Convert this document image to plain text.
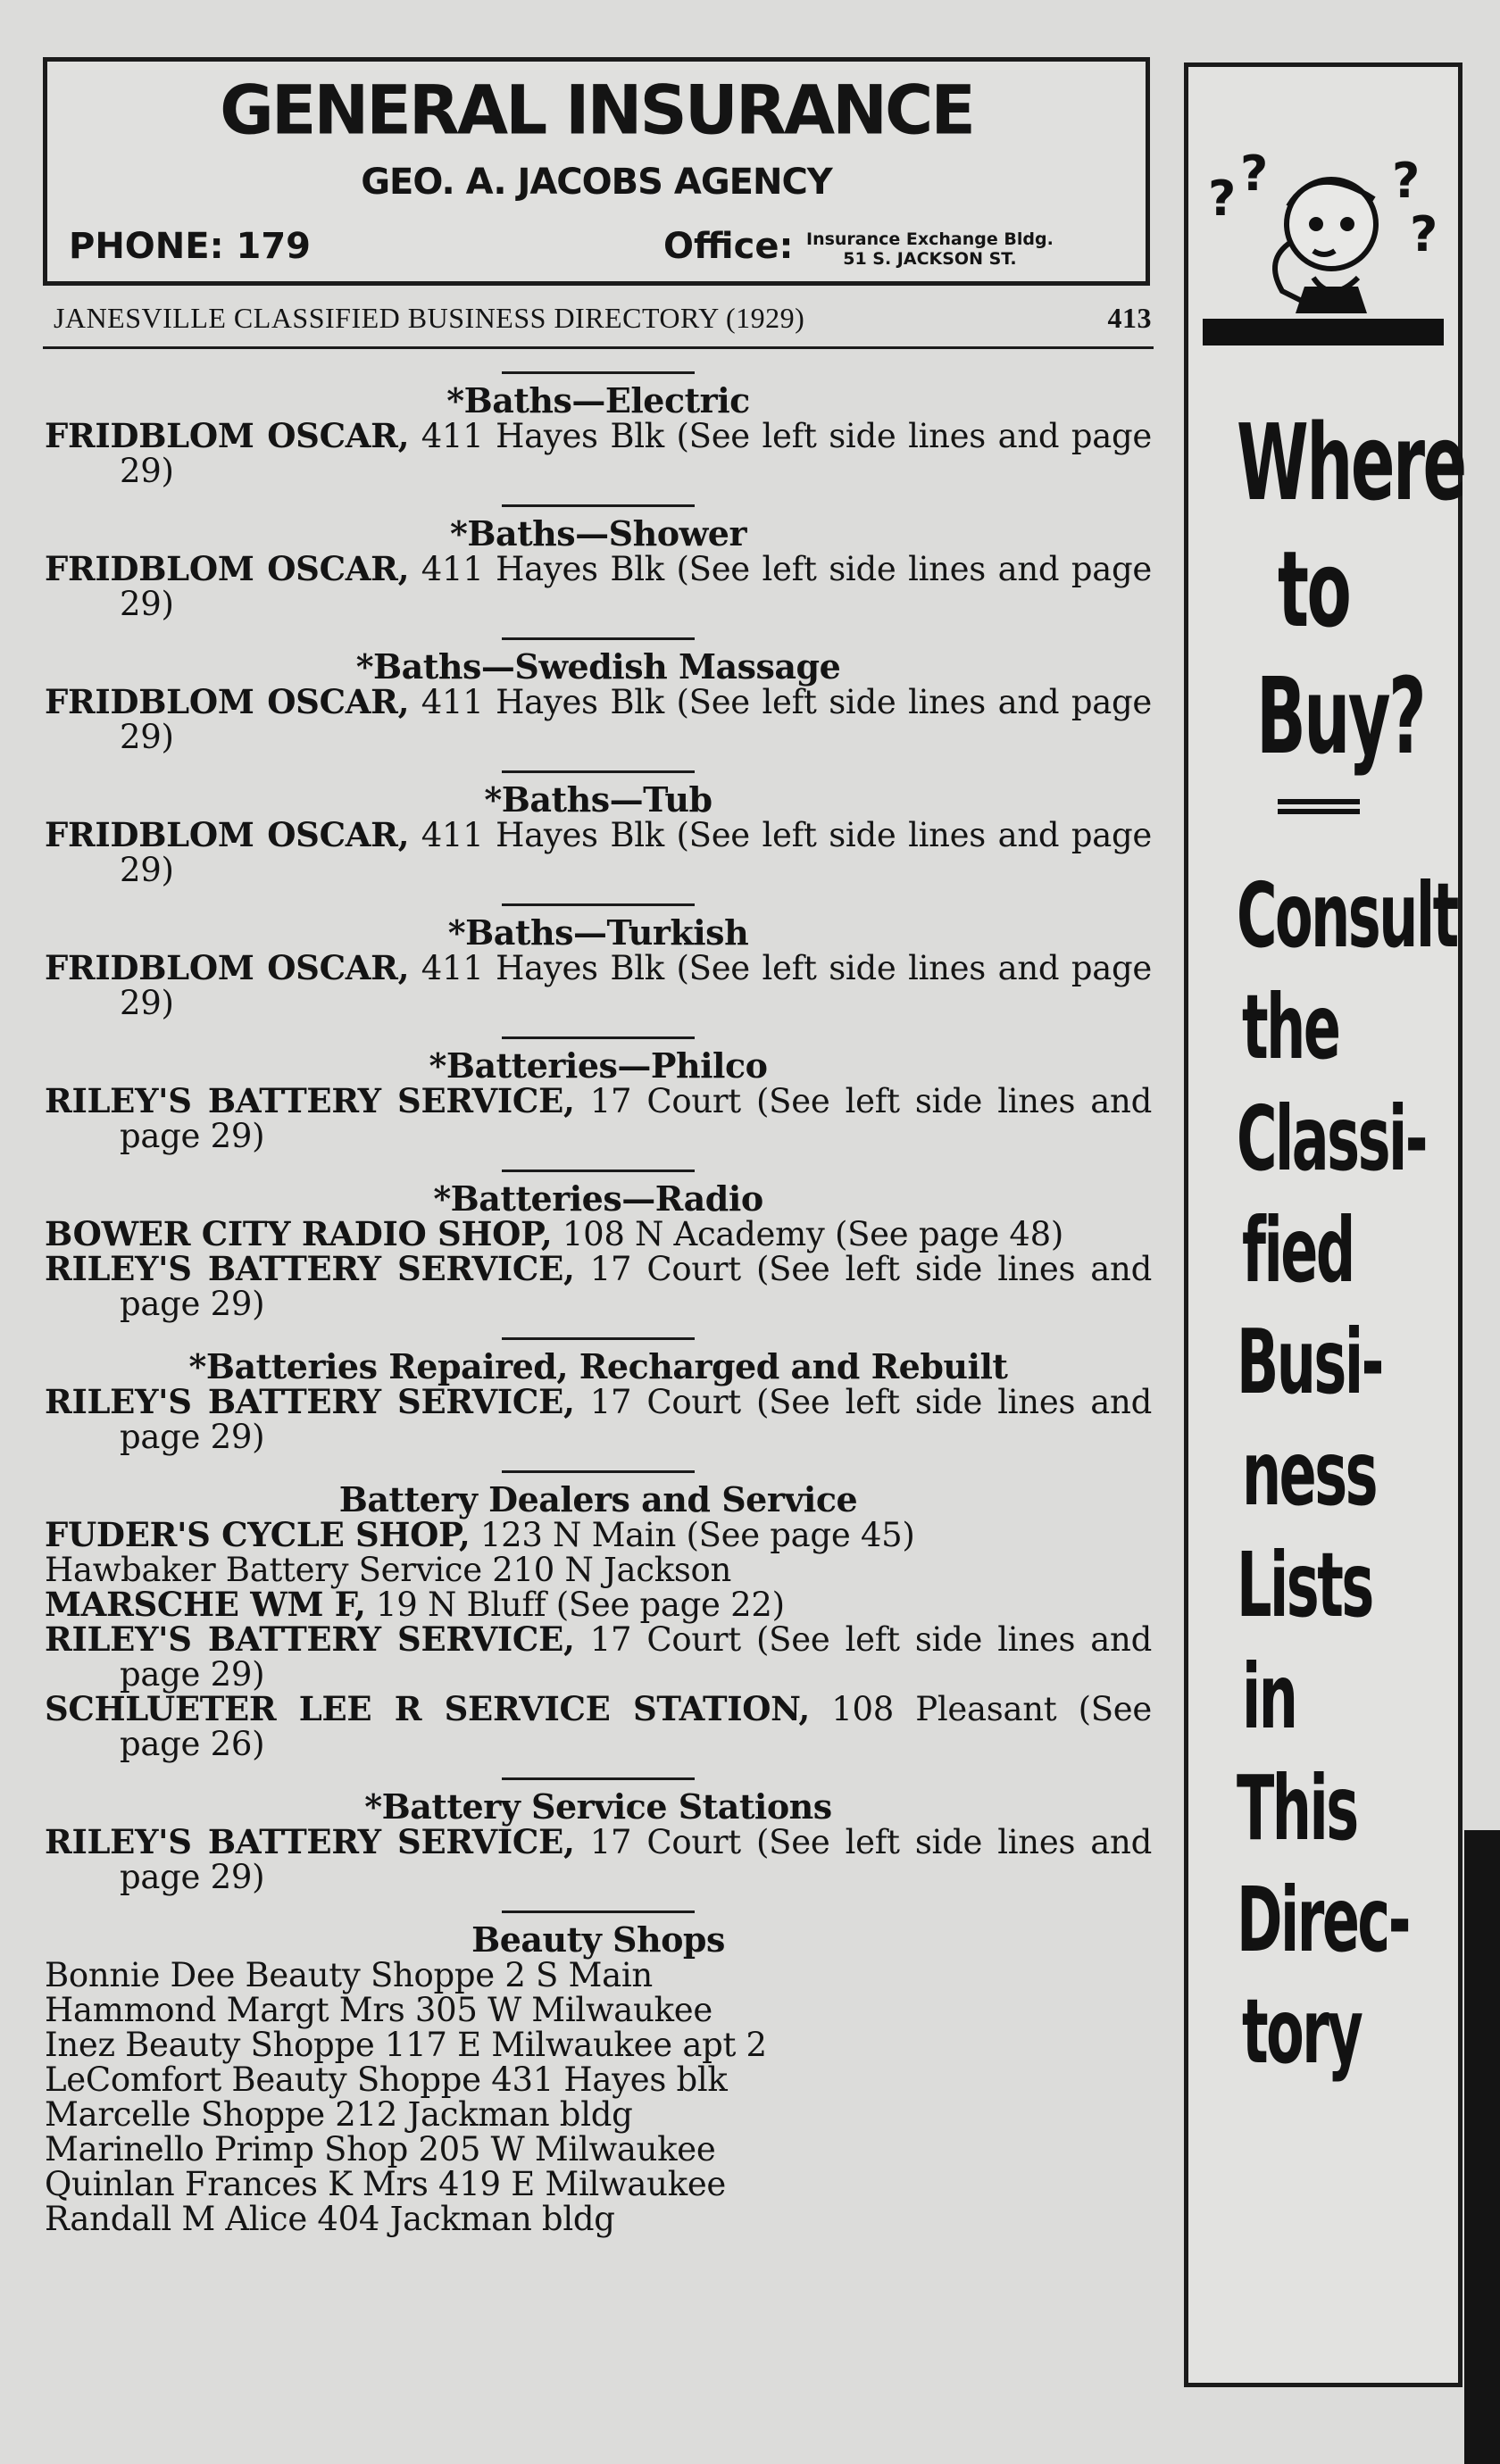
GENERAL INSURANCE
GEO. A. JACOBS AGENCY
PHONE: 179	Office: Insurance Exchange Bldg.
51 S. JACKSON ST.
JANESVILLE CLASSIFIED BUSINESS DIRECTORY (1929)	413
*Baths—Electric
FRIDBLOM OSCAR, 411 Hayes Blk (See left side lines and page 29)
*Baths—Shower
FRIDBLOM OSCAR, 411 Hayes Blk (See left side lines and page 29)
*Baths—Swedish Massage
FRIDBLOM OSCAR, 411 Hayes Blk (See left side lines and page 29)
*Baths—Tub
FRIDBLOM OSCAR, 411 Hayes Blk (See left side lines and page 29)
*Baths—Turkish
FRIDBLOM OSCAR, 411 Hayes Blk (See left side lines and page 29)
*Batteries—Philco
RILEY'S BATTERY SERVICE, 17 Court (See left side lines and page 29)
*Batteries—Radio
BOWER CITY RADIO SHOP, 108 N Academy (See page 48)
RILEY'S BATTERY SERVICE, 17 Court (See left side lines and page 29)
*Batteries Repaired, Recharged and Rebuilt
RILEY'S BATTERY SERVICE, 17 Court (See left side lines and page 29)
Battery Dealers and Service
FUDER'S CYCLE SHOP, 123 N Main (See page 45)
Hawbaker Battery Service 210 N Jackson
MARSCHE WM F, 19 N Bluff (See page 22)
RILEY'S BATTERY SERVICE, 17 Court (See left side lines and page 29)
SCHLUETER LEE R SERVICE STATION, 108 Pleasant (See page 26)
*Battery Service Stations
RILEY'S BATTERY SERVICE, 17 Court (See left side lines and page 29)
Beauty Shops
Bonnie Dee Beauty Shoppe 2 S Main
Hammond Margt Mrs 305 W Milwaukee
Inez Beauty Shoppe 117 E Milwaukee apt 2
LeComfort Beauty Shoppe 431 Hayes blk
Marcelle Shoppe 212 Jackman bldg
Marinello Primp Shop 205 W Milwaukee
Quinlan Frances K Mrs 419 E Milwaukee
Randall M Alice 404 Jackman bldg
? ?	?
?
Where
to
Buy?
Consult
the
Classi-
fied
Busi-
ness
Lists
in
This
Direc-
tory
